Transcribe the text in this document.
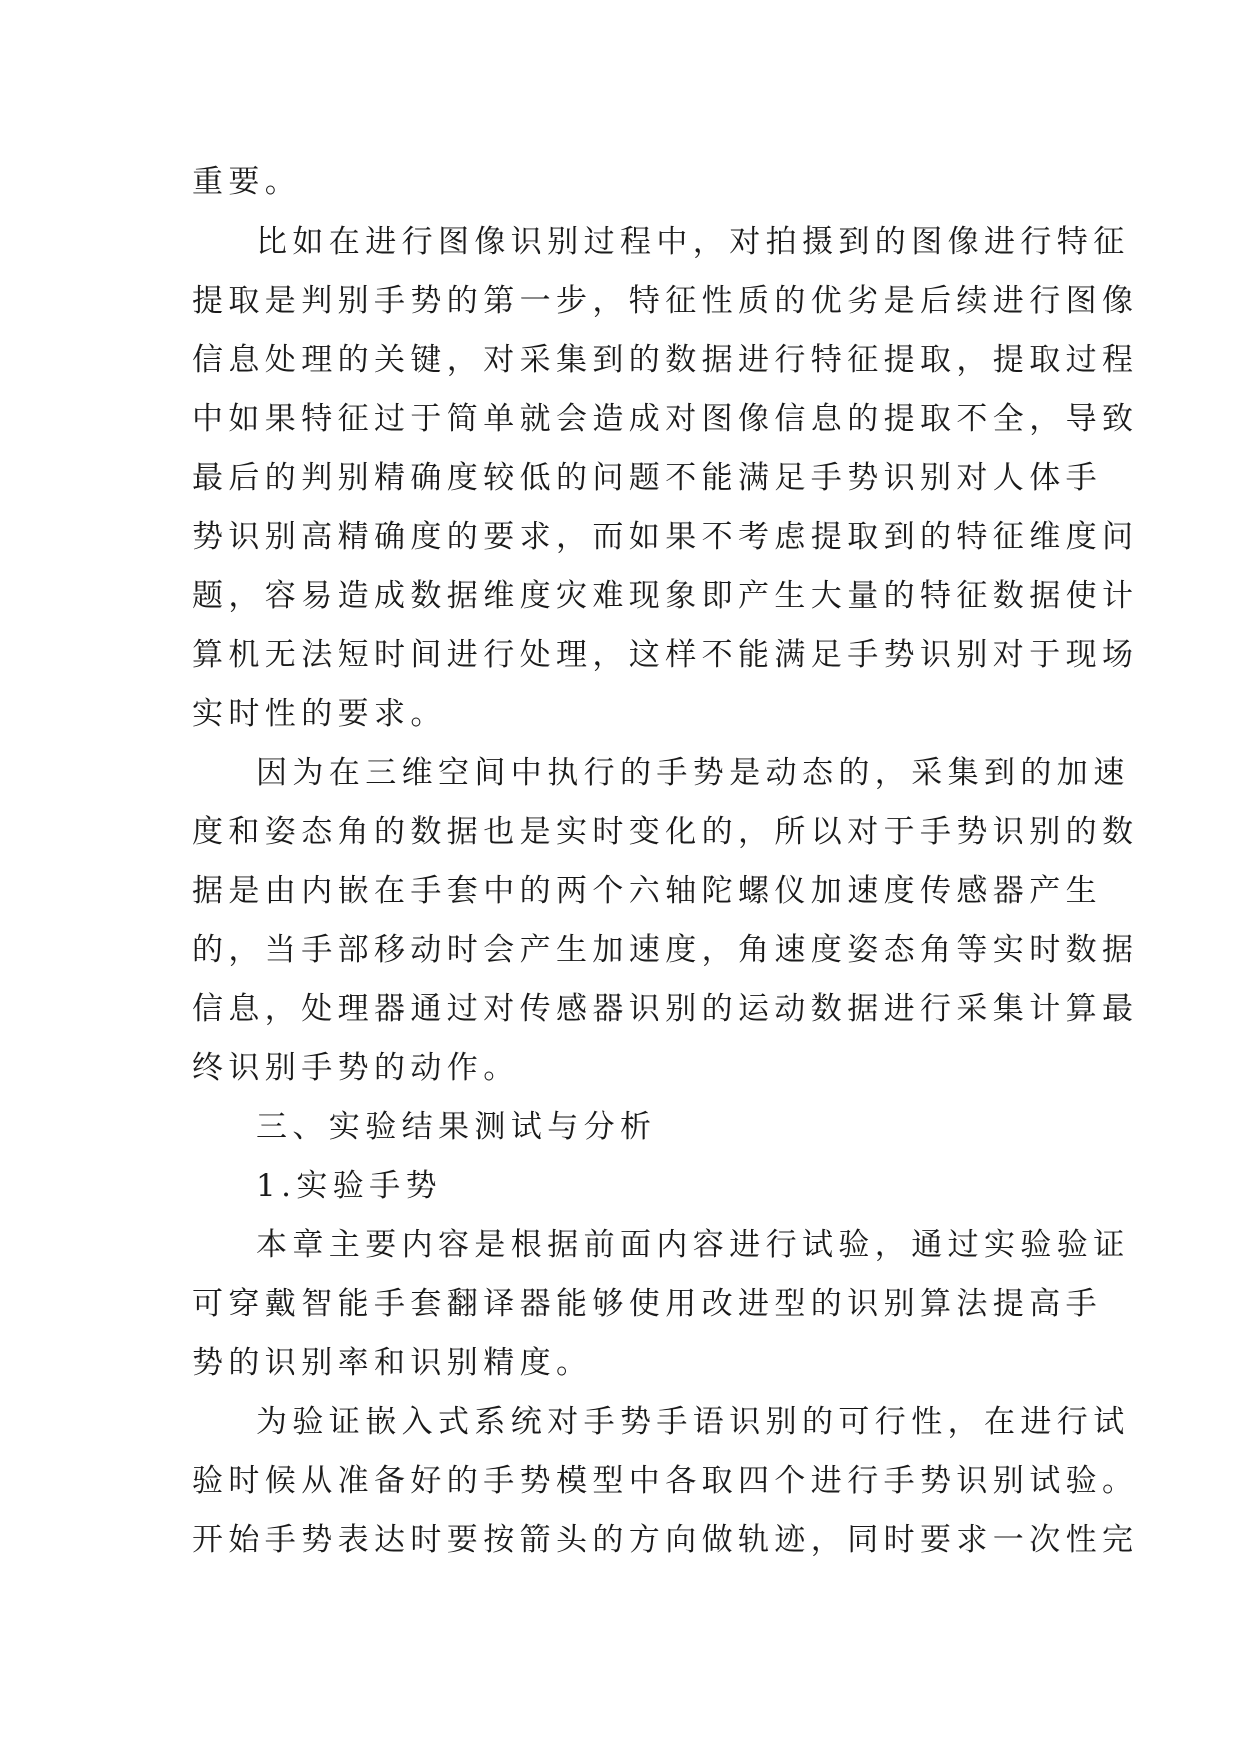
重要。
比如在进行图像识别过程中，对拍摄到的图像进行特征
提取是判别手势的第一步，特征性质的优劣是后续进行图像
信息处理的关键，对采集到的数据进行特征提取，提取过程
中如果特征过于简单就会造成对图像信息的提取不全，导致
最后的判别精确度较低的问题不能满足手势识别对人体手
势识别高精确度的要求，而如果不考虑提取到的特征维度问
题，容易造成数据维度灾难现象即产生大量的特征数据使计
算机无法短时间进行处理，这样不能满足手势识别对于现场
实时性的要求。
因为在三维空间中执行的手势是动态的，采集到的加速
度和姿态角的数据也是实时变化的，所以对于手势识别的数
据是由内嵌在手套中的两个六轴陀螺仪加速度传感器产生
的，当手部移动时会产生加速度，角速度姿态角等实时数据
信息，处理器通过对传感器识别的运动数据进行采集计算最
终识别手势的动作。
三、实验结果测试与分析
1.实验手势
本章主要内容是根据前面内容进行试验，通过实验验证
可穿戴智能手套翻译器能够使用改进型的识别算法提高手
势的识别率和识别精度。
为验证嵌入式系统对手势手语识别的可行性，在进行试
验时候从准备好的手势模型中各取四个进行手势识别试验。
开始手势表达时要按箭头的方向做轨迹，同时要求一次性完
